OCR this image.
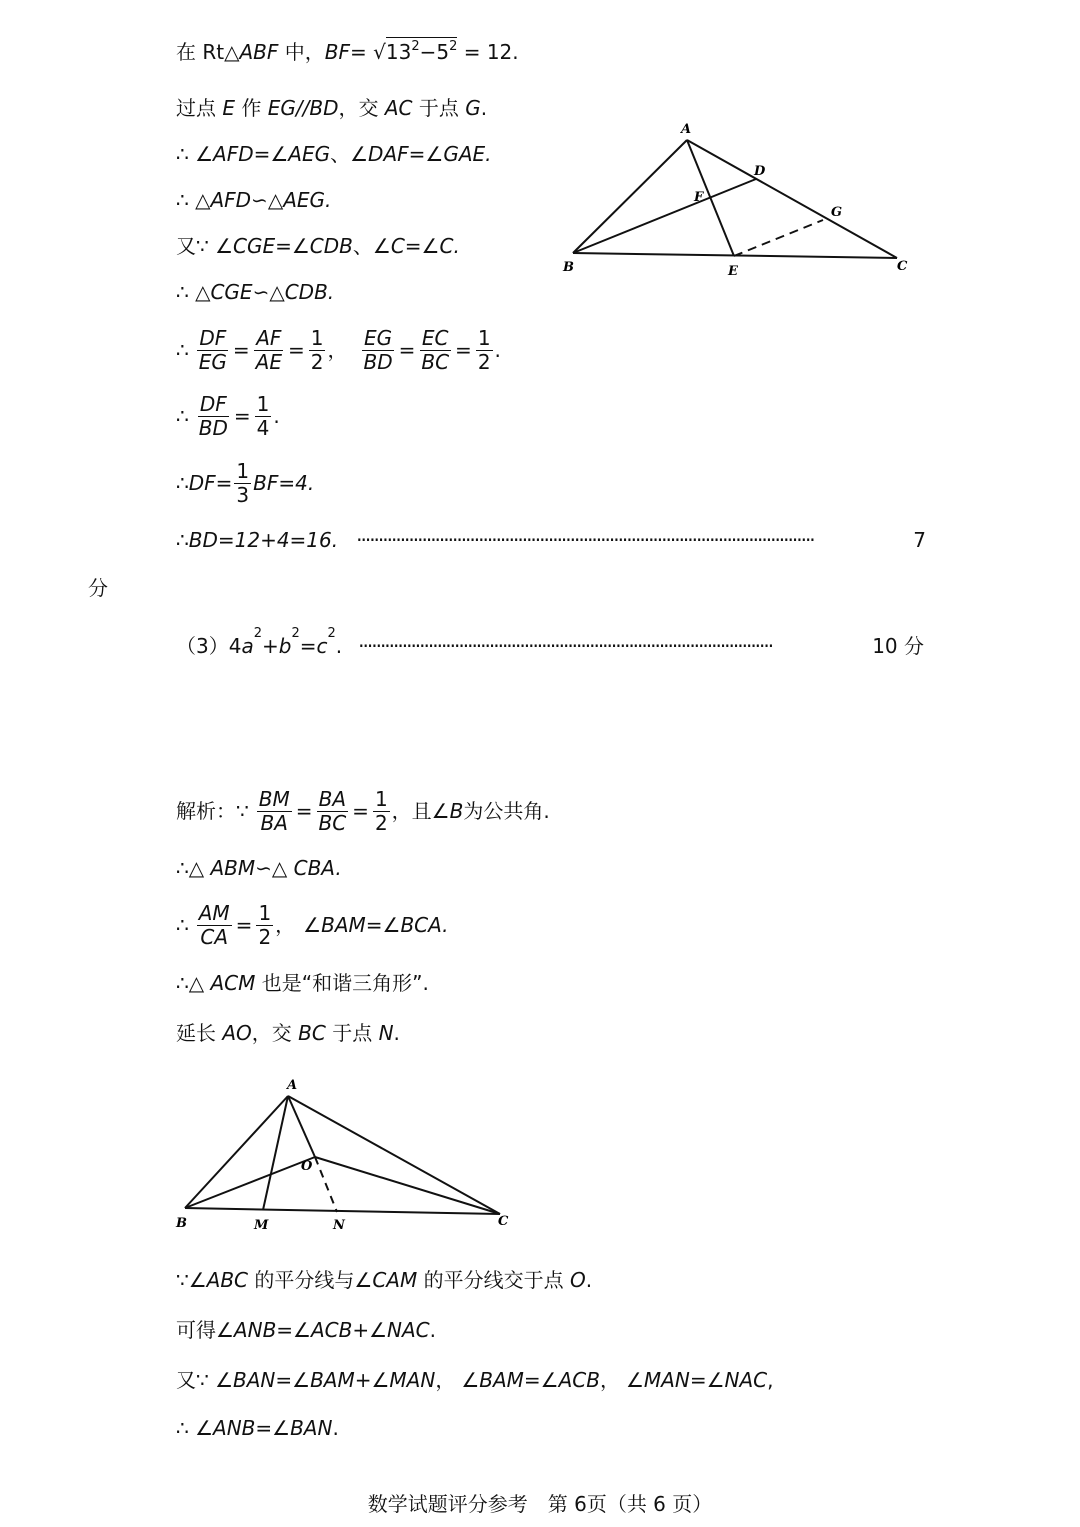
在 Rt△ABF 中，$BF= √13^2-5^2 = 12$.
过点 E 作 EG//BD，交 AC 于点 G.
∴ ∠AFD=∠AEG、∠DAF=∠GAE.
∴ △AFD∽△AEG.
又∵ ∠CGE=∠CDB、∠C=∠C.
∴ △CGE∽△CDB.
∴ $\frac{DF}{EG} = \frac{AF}{AE} = \frac{1}{2}$ ， $\frac{EG}{BD} = \frac{EC}{BC} = \frac{1}{2}$ .
∴ $\frac{DF}{BD} = \frac{1}{4}$ .
∴ DF = $\frac{1}{3}$ BF =4.
∴ BD =12+4=16. ·········································································································	7
分
（3）4 a
2
+ b
2
= c
2
. ·······························································································	10 分
解析：∵ $\frac{BM}{BA} = \frac{BA}{BC} = \frac{1}{2}$ ，且∠ B 为公共角.
∴△ ABM∽△ CBA.
∴ $\frac{AM}{CA} = \frac{1}{2}$ ， ∠BAM=∠BCA.
∴△ ACM 也是“和谐三角形”.
延长 AO，交 BC 于点 N.
∵∠ABC 的平分线与∠CAM 的平分线交于点 O.
可得∠ANB=∠ACB+∠NAC.
又∵ ∠BAN=∠BAM+∠MAN， ∠BAM=∠ACB， ∠MAN=∠NAC,
∴ ∠ANB=∠BAN.
A
B	C
D
E
F
G
A
B	C
M	N
O
数学试题评分参考　第 6页（共 6 页）
